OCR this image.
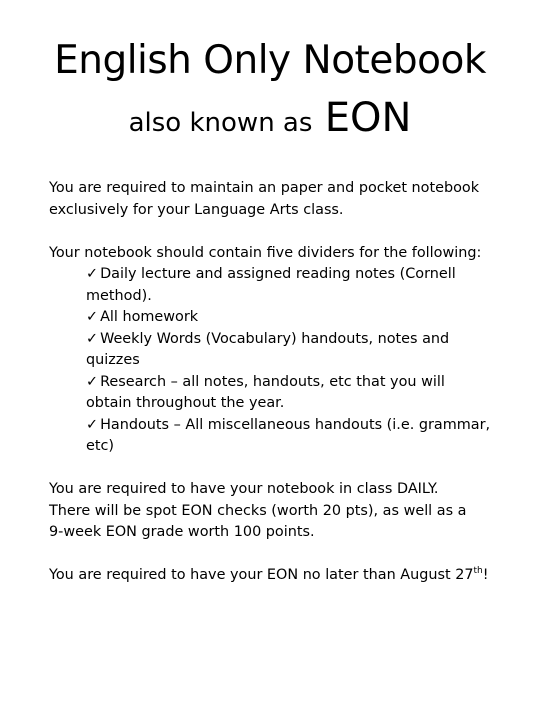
English Only Notebook
also known as EON

You are required to maintain an paper and pocket notebook
exclusively for your Language Arts class.

Your notebook should contain five dividers for the following:

✓ Daily lecture and assigned reading notes (Cornell
method).
✓ All homework
✓ Weekly Words (Vocabulary) handouts, notes and
quizzes
✓ Research – all notes, handouts, etc that you will
obtain throughout the year.
✓ Handouts – All miscellaneous handouts (i.e. grammar,
etc)

You are required to have your notebook in class DAILY.
There will be spot EON checks (worth 20 pts), as well as a
9-week EON grade worth 100 points.

You are required to have your EON no later than August 27th!
